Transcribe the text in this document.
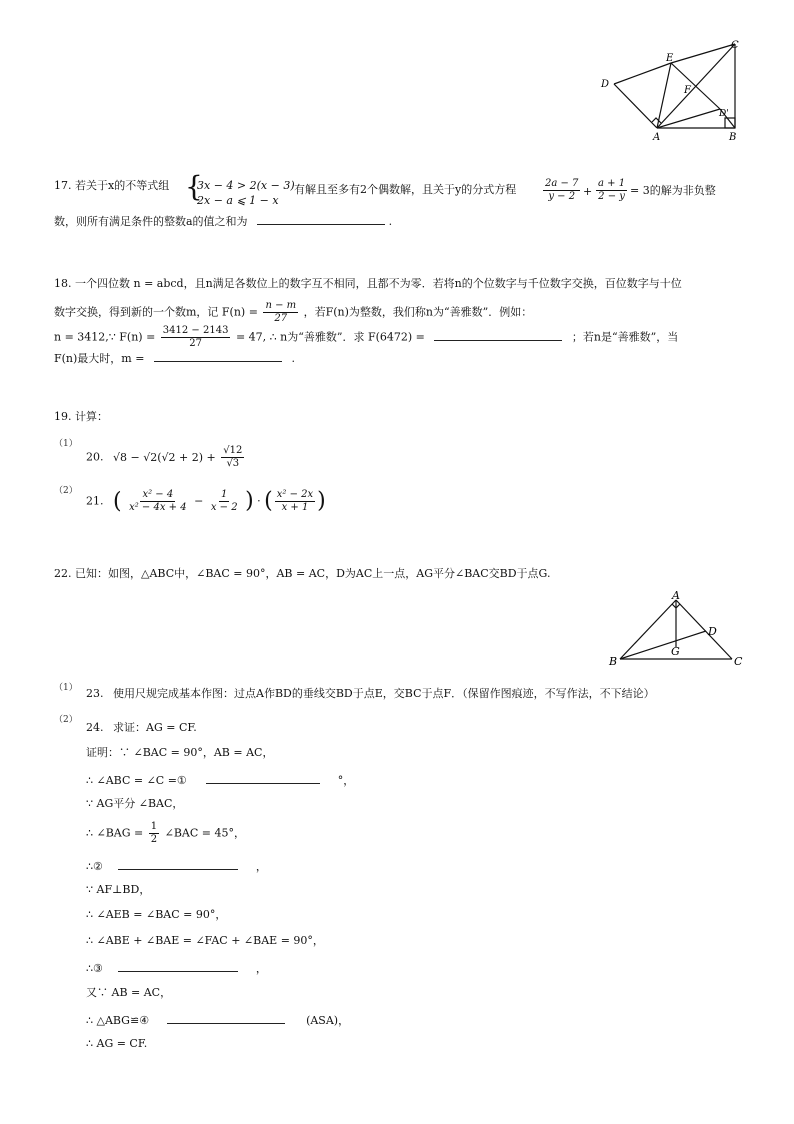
D
E
C
F
D'
A	B
17. 若关于x的不等式组 {
3x − 4 > 2(x − 3)
2x − a ⩽ 1 − x
有解且至多有2个偶数解，且关于y的分式方程	$\frac{2a - 7}{y - 2} + \frac{a + 1}{2 - y} = 3$的解为非负整
数，则所有满足条件的整数a的值之和为	.
18. 一个四位数 n = abcd，且n满足各数位上的数字互不相同，且都不为零．若将n的个位数字与千位数字交换，百位数字与十位
数字交换，得到新的一个数m，记 $F(n) = \frac{n - m}{27}$ ，若F(n)为整数，我们称n为“善雅数”．例如：
n = 3412,∵ $F(n) = \frac{3412 - 2143}{27} = 47$, ∴ n为“善雅数”．求 F(6472) =	；若n是“善雅数”，当
F(n)最大时，m =	.
19. 计算：
（1）
20. $√8 - √2(√2 + 2) + \frac{√12}{√3}$
（2）
21. ( $\frac{\text{x² − 4}}{\text{x² − 4x + 4}} - \frac{1}{x - 2}$ ) · ( $\frac{\text{x² − 2x}}{x + 1}$ )
22. 已知：如图，△ABC中，∠BAC = 90°，AB = AC，D为AC上一点，AG平分∠BAC交BD于点G.
A
D
G
B	C
（1） 23. 使用尺规完成基本作图：过点A作BD的垂线交BD于点E，交BC于点F．（保留作图痕迹，不写作法，不下结论）
（2）
24. 求证：AG = CF.
证明：∵ ∠BAC = 90°，AB = AC，
∴ ∠ABC = ∠C =①	°，
∵ AG平分 ∠BAC，
∴ ∠BAG = $\frac{1}{2}$ ∠BAC = 45°，
∴②	，
∵ AF⊥BD，
∴ ∠AEB = ∠BAC = 90°，
∴ ∠ABE + ∠BAE = ∠FAC + ∠BAE = 90°，
∴③	，
又∵ AB = AC，
∴ △ABG≌④	(ASA)，
∴ AG = CF.
